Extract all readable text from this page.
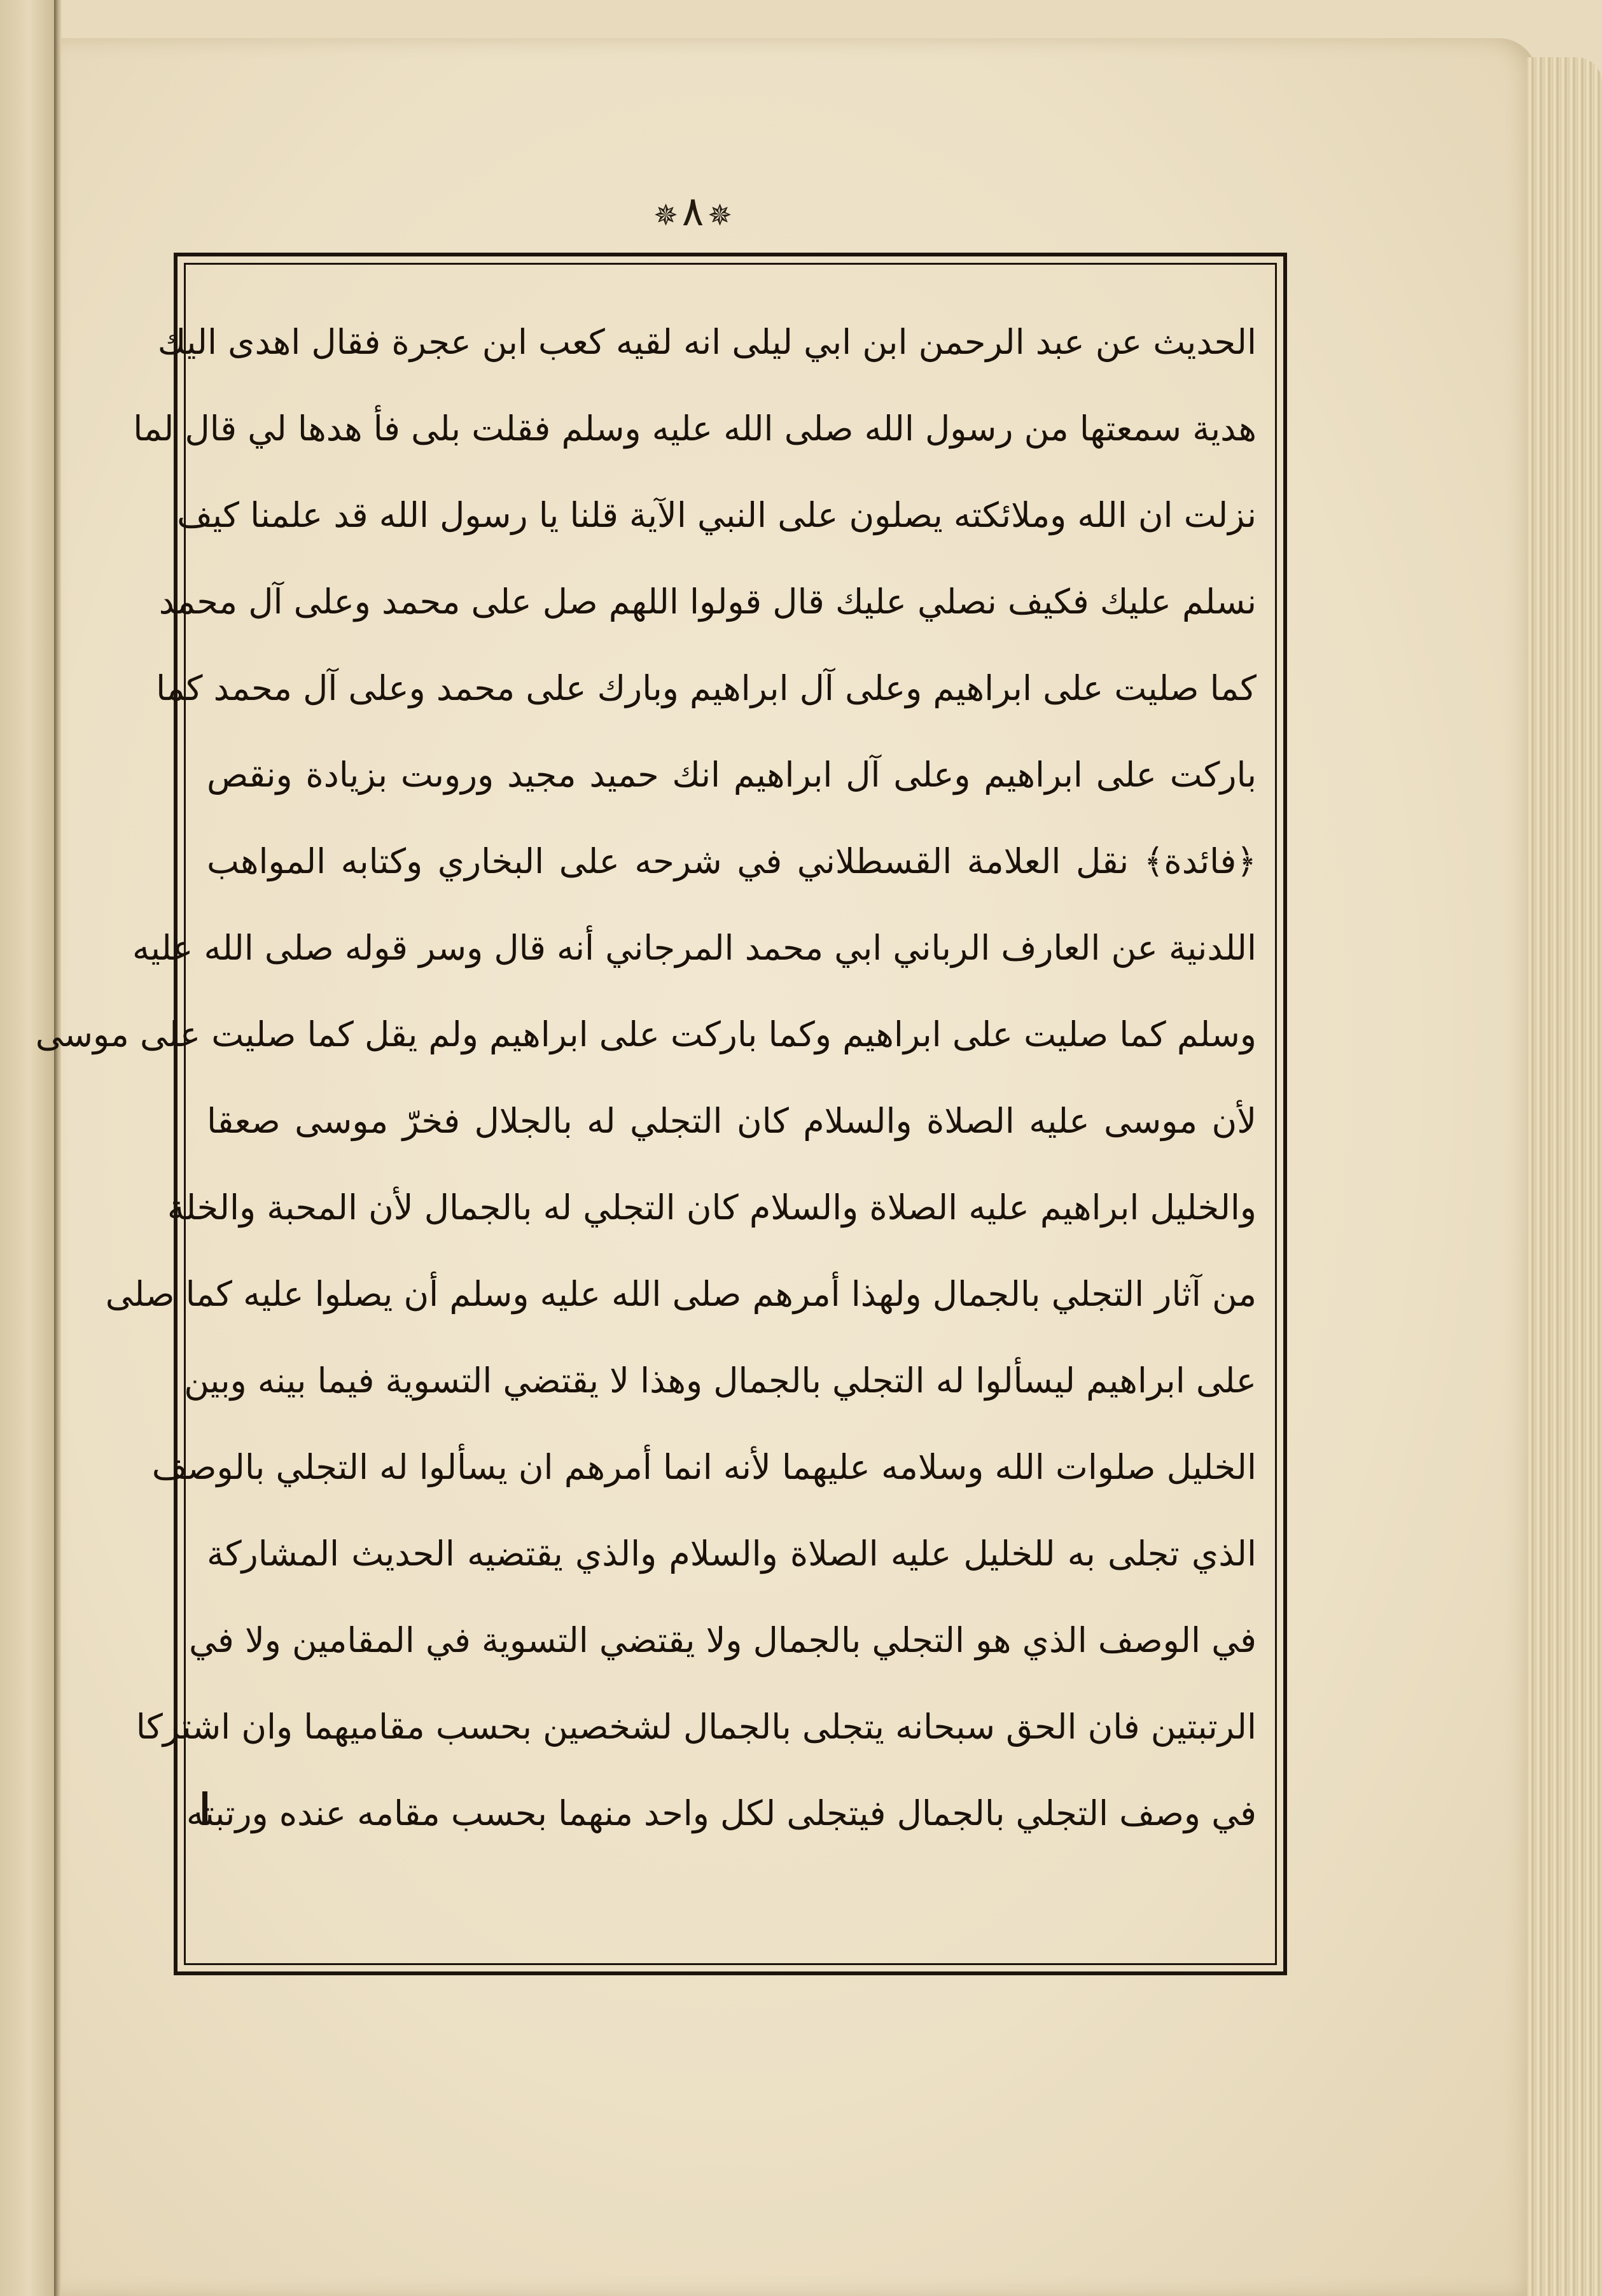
✵٨ ✵
الحديث عن عبد الرحمن ابن ابي ليلى انه لقيه كعب ابن عجرة فقال اهدى اليك
هدية سمعتها من رسول الله صلى الله عليه وسلم فقلت بلى فأ هدها لي قال لما
نزلت ان الله وملائكته يصلون على النبي الآية قلنا يا رسول الله قد علمنا كيف
نسلم عليك فكيف نصلي عليك قال قولوا اللهم صل على محمد وعلى آل محمد
كما صليت على ابراهيم وعلى آل ابراهيم وبارك على محمد وعلى آل محمد كما
باركت على ابراهيم وعلى آل ابراهيم انك حميد مجيد وروىت بزيادة ونقص
﴿فائدة﴾ نقل العلامة القسطلاني في شرحه على البخاري وكتابه المواهب
اللدنية عن العارف الرباني ابي محمد المرجاني أنه قال وسر قوله صلى الله عليه
وسلم كما صليت على ابراهيم وكما باركت على ابراهيم ولم يقل كما صليت على موسى
لأن موسى عليه الصلاة والسلام كان التجلي له بالجلال فخرّ موسى صعقا
والخليل ابراهيم عليه الصلاة والسلام كان التجلي له بالجمال لأن المحبة والخلة
من آثار التجلي بالجمال ولهذا أمرهم صلى الله عليه وسلم أن يصلوا عليه كما صلى
على ابراهيم ليسألوا له التجلي بالجمال وهذا لا يقتضي التسوية فيما بينه وبين
الخليل صلوات الله وسلامه عليهما لأنه انما أمرهم ان يسألوا له التجلي بالوصف
الذي تجلى به للخليل عليه الصلاة والسلام والذي يقتضيه الحديث المشاركة
في الوصف الذي هو التجلي بالجمال ولا يقتضي التسوية في المقامين ولا في
الرتبتين فان الحق سبحانه يتجلى بالجمال لشخصين بحسب مقاميهما وان اشتركا
في وصف التجلي بالجمال فيتجلى لكل واحد منهما بحسب مقامه عنده ورتبته
